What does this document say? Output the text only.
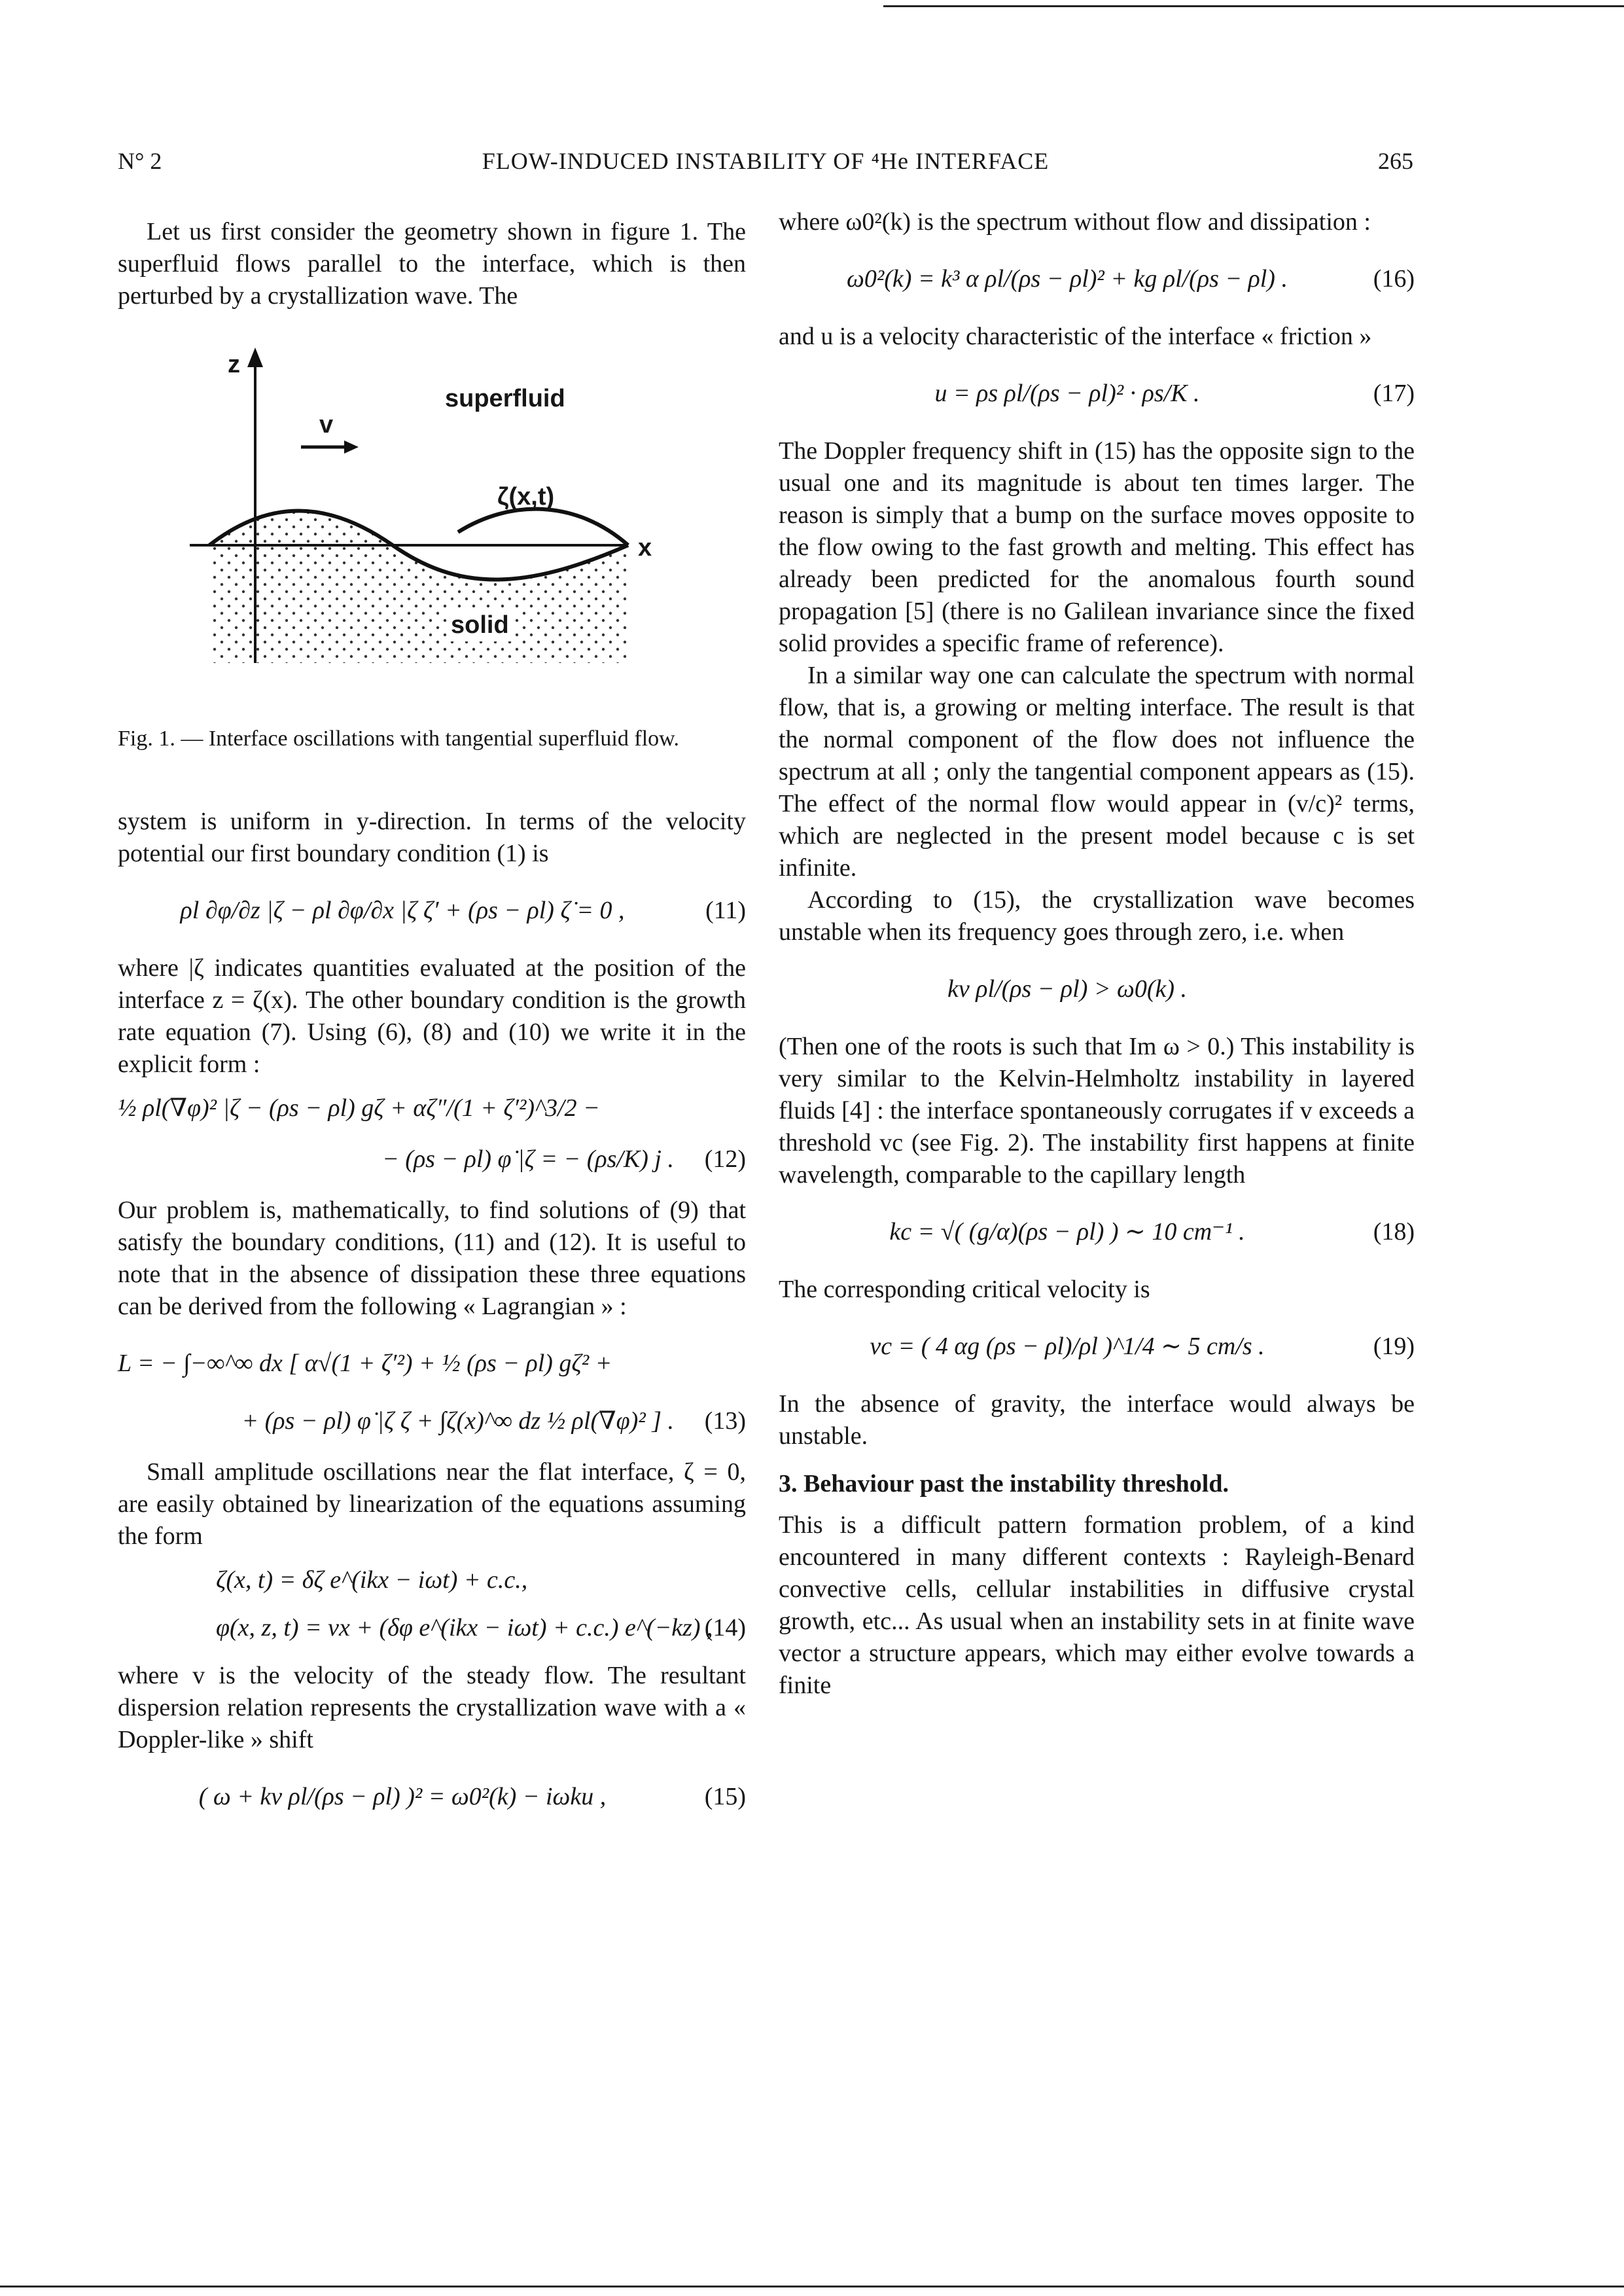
N° 2	FLOW-INDUCED INSTABILITY OF ⁴He INTERFACE	265

Let us first consider the geometry shown in figure 1. The superfluid flows parallel to the interface, which is then perturbed by a crystallization wave. The

z
x
v
superfluid
ζ(x,t)
solid

Fig. 1. — Interface oscillations with tangential superfluid flow.

system is uniform in y-direction. In terms of the velocity potential our first boundary condition (1) is

ρl ∂φ/∂z |ζ − ρl ∂φ/∂x |ζ ζ′ + (ρs − ρl) ζ̇ = 0 ,	(11)

where |ζ indicates quantities evaluated at the position of the interface z = ζ(x). The other boundary condition is the growth rate equation (7). Using (6), (8) and (10) we write it in the explicit form :

½ ρl(∇φ)² |ζ − (ρs − ρl) gζ + αζ″/(1 + ζ′²)^3/2 −
− (ρs − ρl) φ̇ |ζ = − (ρs/K) j . (12)

Our problem is, mathematically, to find solutions of (9) that satisfy the boundary conditions, (11) and (12). It is useful to note that in the absence of dissipation these three equations can be derived from the following « Lagrangian » :

L = − ∫−∞^∞ dx [ α√(1 + ζ′²) + ½ (ρs − ρl) gζ² +
+ (ρs − ρl) φ̇ |ζ ζ + ∫ζ(x)^∞ dz ½ ρl(∇φ)² ] . (13)

Small amplitude oscillations near the flat interface, ζ = 0, are easily obtained by linearization of the equations assuming the form

ζ(x, t) = δζ e^(ikx − iωt) + c.c.,
φ(x, z, t) = vx + (δφ e^(ikx − iωt) + c.c.) e^(−kz) ,
(14)

where v is the velocity of the steady flow. The resultant dispersion relation represents the crystallization wave with a « Doppler-like » shift

( ω + kv ρl/(ρs − ρl) )² = ω0²(k) − iωku ,	(15)

where ω0²(k) is the spectrum without flow and dissipation :

ω0²(k) = k³ α ρl/(ρs − ρl)² + kg ρl/(ρs − ρl) .	(16)

and u is a velocity characteristic of the interface « friction »

u = ρs ρl/(ρs − ρl)² · ρs/K .	(17)

The Doppler frequency shift in (15) has the opposite sign to the usual one and its magnitude is about ten times larger. The reason is simply that a bump on the surface moves opposite to the flow owing to the fast growth and melting. This effect has already been predicted for the anomalous fourth sound propagation [5] (there is no Galilean invariance since the fixed solid provides a specific frame of reference).

In a similar way one can calculate the spectrum with normal flow, that is, a growing or melting interface. The result is that the normal component of the flow does not influence the spectrum at all ; only the tangential component appears as (15). The effect of the normal flow would appear in (v/c)² terms, which are neglected in the present model because c is set infinite.

According to (15), the crystallization wave becomes unstable when its frequency goes through zero, i.e. when

kv ρl/(ρs − ρl) > ω0(k) .

(Then one of the roots is such that Im ω > 0.) This instability is very similar to the Kelvin-Helmholtz instability in layered fluids [4] : the interface spontaneously corrugates if v exceeds a threshold vc (see Fig. 2). The instability first happens at finite wavelength, comparable to the capillary length

kc = √( (g/α)(ρs − ρl) ) ∼ 10 cm⁻¹ .	(18)

The corresponding critical velocity is

vc = ( 4 αg (ρs − ρl)/ρl )^1/4 ∼ 5 cm/s .	(19)

In the absence of gravity, the interface would always be unstable.

3. Behaviour past the instability threshold.

This is a difficult pattern formation problem, of a kind encountered in many different contexts : Rayleigh-Benard convective cells, cellular instabilities in diffusive crystal growth, etc... As usual when an instability sets in at finite wave vector a structure appears, which may either evolve towards a finite
